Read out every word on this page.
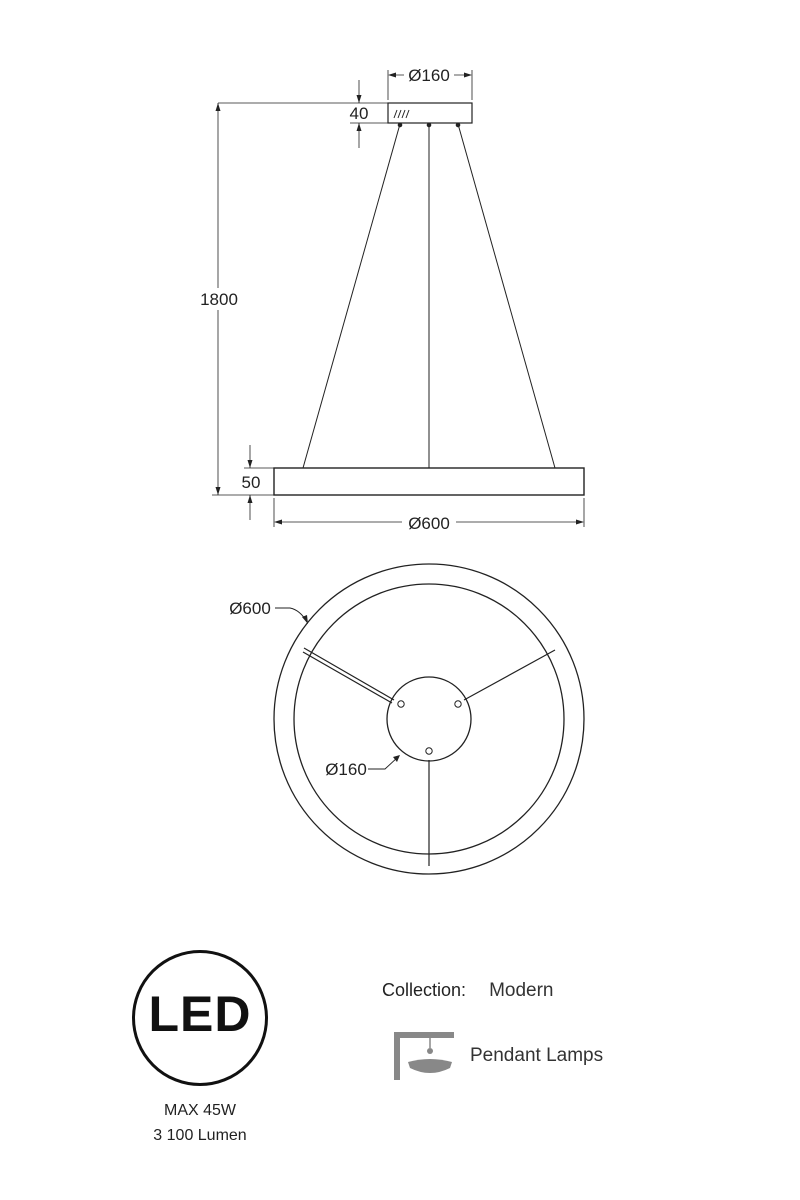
Ø160
40
1800
50
Ø600
Ø600
Ø160
LED
MAX 45W
3 100 Lumen
Collection: Modern
Pendant Lamps
